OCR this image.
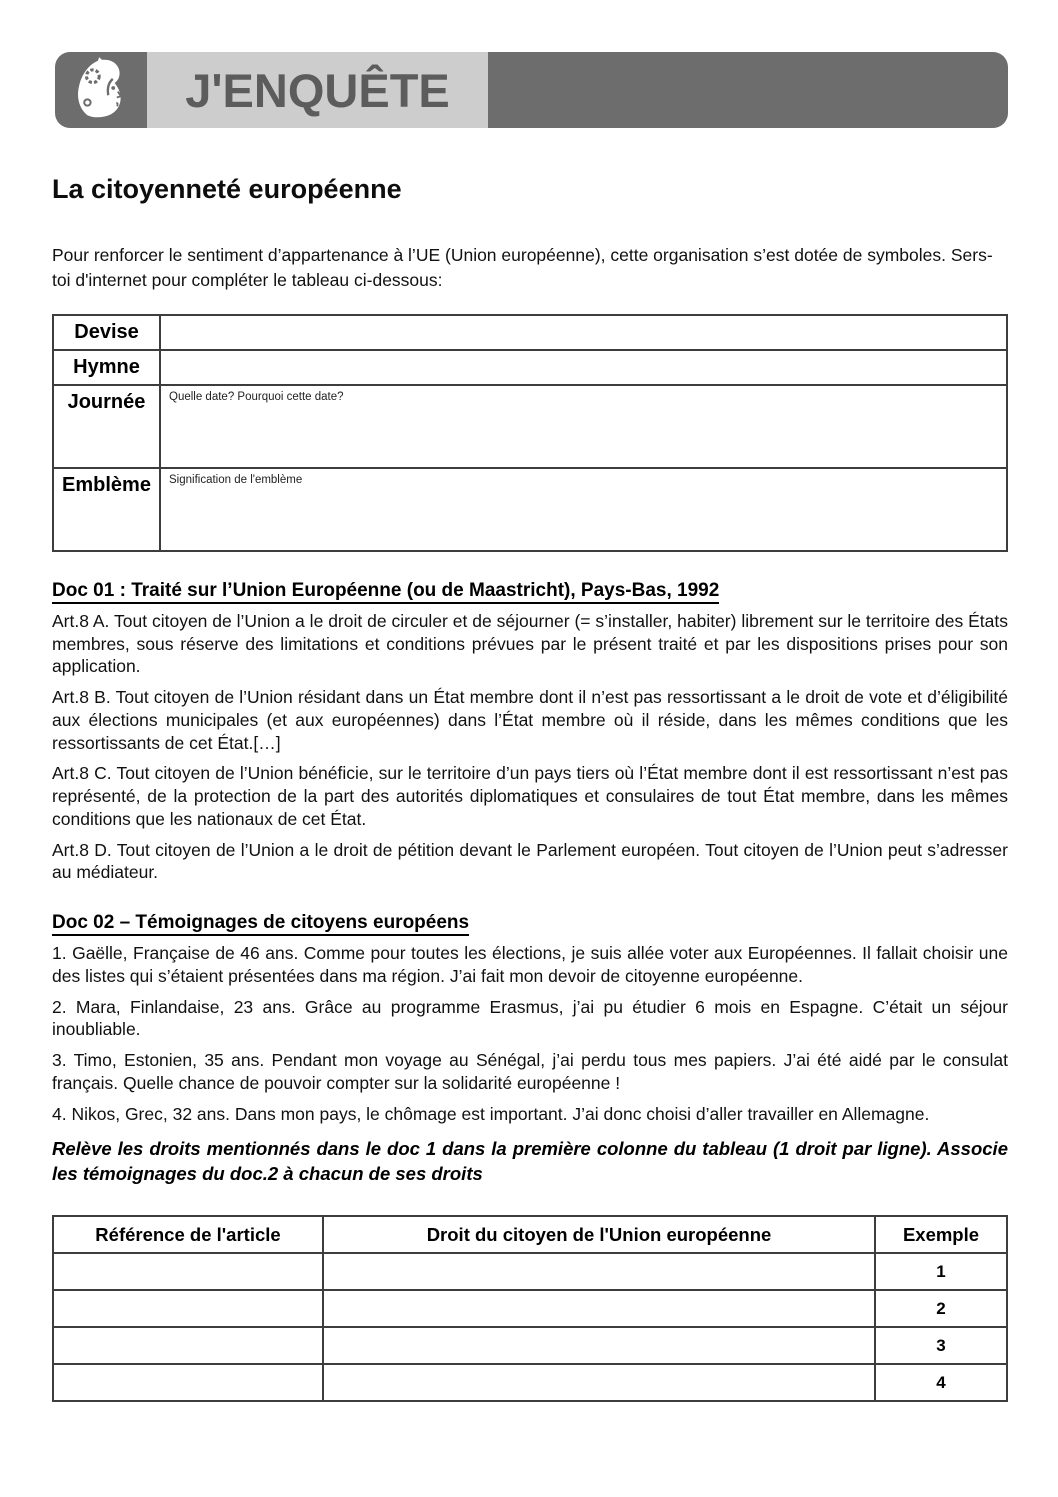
J'ENQUÊTE
La citoyenneté européenne

Pour renforcer le sentiment d’appartenance à l’UE (Union européenne), cette organisation s’est dotée de symboles. Sers-toi d'internet pour compléter le tableau ci-dessous:

Devise	
Hymne	
Journée	Quelle date? Pourquoi cette date?
Emblème	Signification de l'emblème
Doc 01 : Traité sur l’Union Européenne (ou de Maastricht), Pays-Bas, 1992

Art.8 A. Tout citoyen de l’Union a le droit de circuler et de séjourner (= s’installer, habiter) librement sur le territoire des États membres, sous réserve des limitations et conditions prévues par le présent traité et par les dispositions prises pour son application.

Art.8 B. Tout citoyen de l’Union résidant dans un État membre dont il n’est pas ressortissant a le droit de vote et d’éligibilité aux élections municipales (et aux européennes) dans l’État membre où il réside, dans les mêmes conditions que les ressortissants de cet État.[…]

Art.8 C. Tout citoyen de l’Union bénéficie, sur le territoire d’un pays tiers où l’État membre dont il est ressortissant n’est pas représenté, de la protection de la part des autorités diplomatiques et consulaires de tout État membre, dans les mêmes conditions que les nationaux de cet État.

Art.8 D. Tout citoyen de l’Union a le droit de pétition devant le Parlement européen. Tout citoyen de l’Union peut s’adresser au médiateur.

Doc 02 – Témoignages de citoyens européens

1. Gaëlle, Française de 46 ans. Comme pour toutes les élections, je suis allée voter aux Européennes. Il fallait choisir une des listes qui s’étaient présentées dans ma région. J’ai fait mon devoir de citoyenne européenne.

2. Mara, Finlandaise, 23 ans. Grâce au programme Erasmus, j’ai pu étudier 6 mois en Espagne. C’était un séjour inoubliable.

3. Timo, Estonien, 35 ans. Pendant mon voyage au Sénégal, j’ai perdu tous mes papiers. J’ai été aidé par le consulat français. Quelle chance de pouvoir compter sur la solidarité européenne !

4. Nikos, Grec, 32 ans. Dans mon pays, le chômage est important. J’ai donc choisi d’aller travailler en Allemagne.

Relève les droits mentionnés dans le doc 1 dans la première colonne du tableau (1 droit par ligne). Associe les témoignages du doc.2 à chacun de ses droits

Référence de l'article	Droit du citoyen de l'Union européenne	Exemple
		1
		2
		3
		4
